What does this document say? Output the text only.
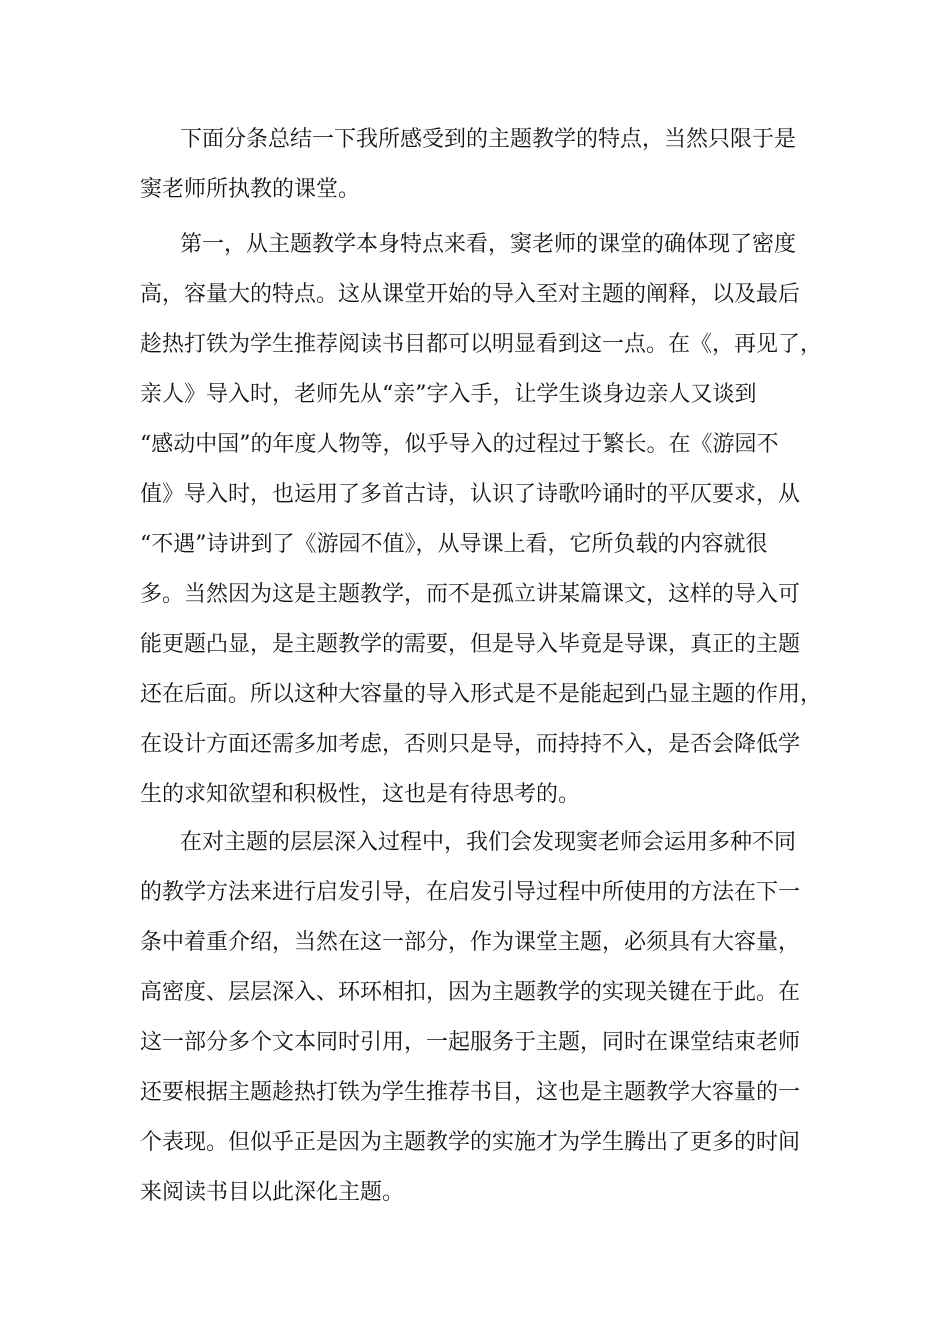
下面分条总结一下我所感受到的主题教学的特点，当然只限于是
窦老师所执教的课堂。
第一，从主题教学本身特点来看，窦老师的课堂的确体现了密度
高，容量大的特点。这从课堂开始的导入至对主题的阐释，以及最后
趁热打铁为学生推荐阅读书目都可以明显看到这一点。在《，再见了，
亲人》导入时，老师先从“亲”字入手，让学生谈身边亲人又谈到
“感动中国”的年度人物等，似乎导入的过程过于繁长。在《游园不
值》导入时，也运用了多首古诗，认识了诗歌吟诵时的平仄要求，从
“不遇”诗讲到了《游园不值》，从导课上看，它所负载的内容就很
多。当然因为这是主题教学，而不是孤立讲某篇课文，这样的导入可
能更题凸显，是主题教学的需要，但是导入毕竟是导课，真正的主题
还在后面。所以这种大容量的导入形式是不是能起到凸显主题的作用，
在设计方面还需多加考虑，否则只是导，而持持不入，是否会降低学
生的求知欲望和积极性，这也是有待思考的。
在对主题的层层深入过程中，我们会发现窦老师会运用多种不同
的教学方法来进行启发引导，在启发引导过程中所使用的方法在下一
条中着重介绍，当然在这一部分，作为课堂主题，必须具有大容量，
高密度、层层深入、环环相扣，因为主题教学的实现关键在于此。在
这一部分多个文本同时引用，一起服务于主题，同时在课堂结束老师
还要根据主题趁热打铁为学生推荐书目，这也是主题教学大容量的一
个表现。但似乎正是因为主题教学的实施才为学生腾出了更多的时间
来阅读书目以此深化主题。
